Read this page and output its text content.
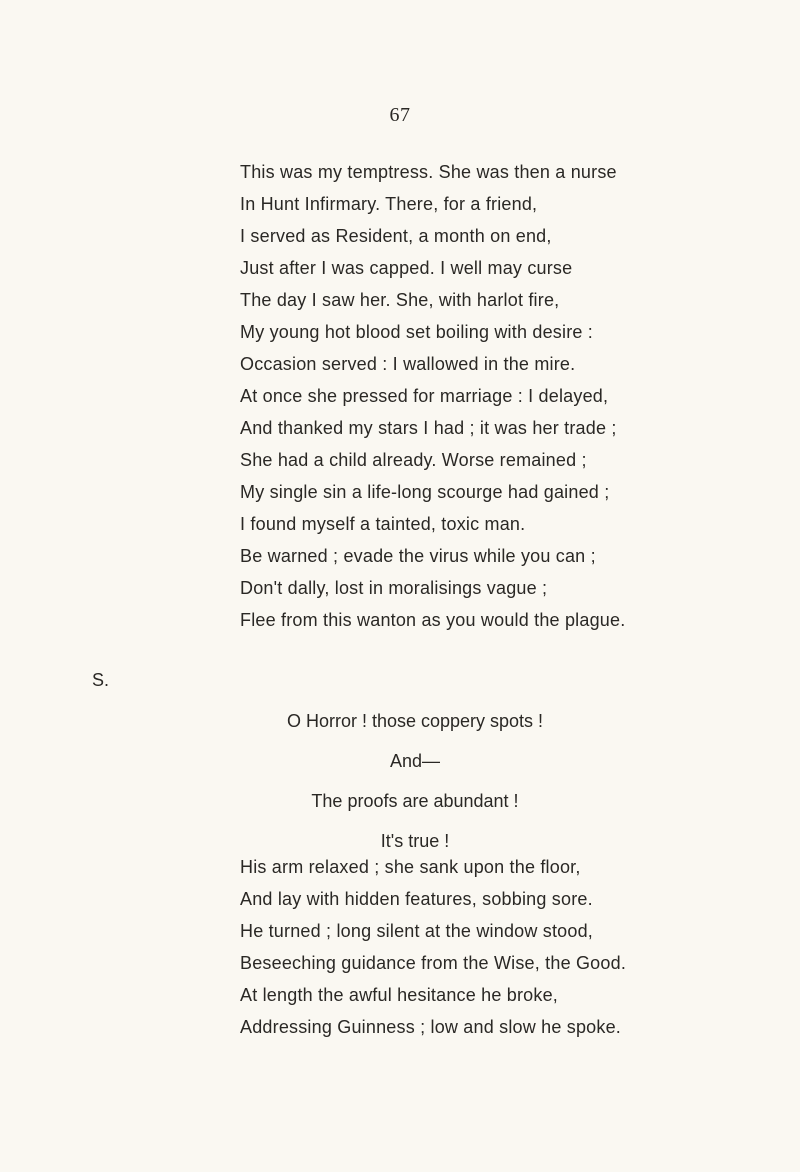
67
This was my temptress. She was then a nurse
In Hunt Infirmary. There, for a friend,
I served as Resident, a month on end,
Just after I was capped. I well may curse
The day I saw her. She, with harlot fire,
My young hot blood set boiling with desire :
Occasion served : I wallowed in the mire.
At once she pressed for marriage : I delayed,
And thanked my stars I had ; it was her trade ;
She had a child already. Worse remained ;
My single sin a life-long scourge had gained ;
I found myself a tainted, toxic man.
Be warned ; evade the virus while you can ;
Don't dally, lost in moralisings vague ;
Flee from this wanton as you would the plague.
S.
O Horror ! those coppery spots !
And—
The proofs are abundant !
It's true !
His arm relaxed ; she sank upon the floor,
And lay with hidden features, sobbing sore.
He turned ; long silent at the window stood,
Beseeching guidance from the Wise, the Good.
At length the awful hesitance he broke,
Addressing Guinness ; low and slow he spoke.
